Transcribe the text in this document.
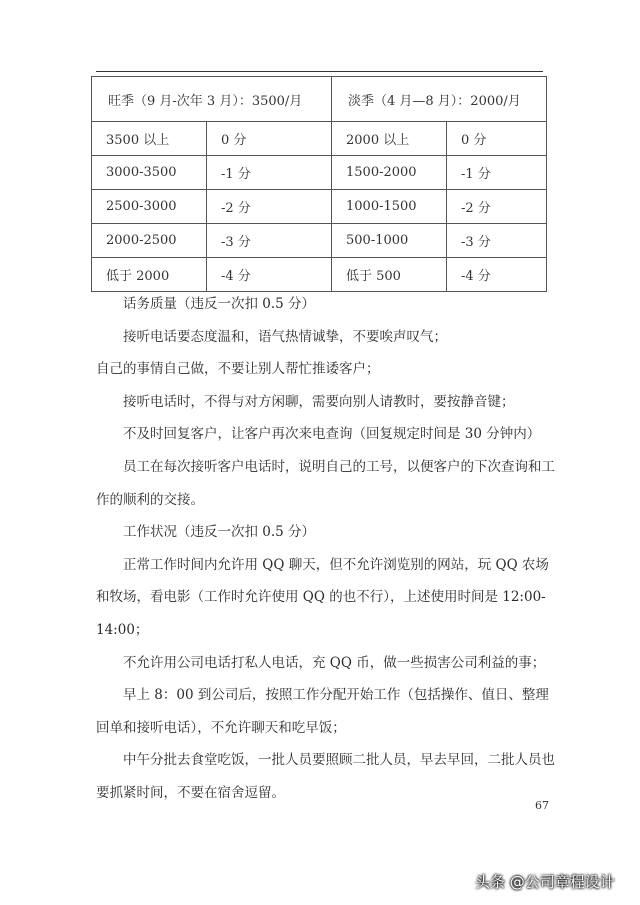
旺季（9 月-次年 3 月）：3500/月		淡季（4 月—8 月）：2000/月	
3500 以上	0 分	2000 以上	0 分
3000-3500	-1 分	1500-2000	-1 分
2500-3000	-2 分	1000-1500	-2 分
2000-2500	-3 分	500-1000	-3 分
低于 2000	-4 分	低于 500	-4 分

话务质量（违反一次扣 0.5 分）

接听电话要态度温和，语气热情诚挚，不要唉声叹气；

自己的事情自己做，不要让别人帮忙推诿客户；

接听电话时，不得与对方闲聊，需要向别人请教时，要按静音键；

不及时回复客户，让客户再次来电查询（回复规定时间是 30 分钟内）

员工在每次接听客户电话时，说明自己的工号，以便客户的下次查询和工作的顺利的交接。

工作状况（违反一次扣 0.5 分）

正常工作时间内允许用 QQ 聊天，但不允许浏览别的网站，玩 QQ 农场和牧场，看电影（工作时允许使用 QQ 的也不行），上述使用时间是 12:00-14:00；

不允许用公司电话打私人电话，充 QQ 币，做一些损害公司利益的事；

早上 8：00 到公司后，按照工作分配开始工作（包括操作、值日、整理回单和接听电话），不允许聊天和吃早饭；

中午分批去食堂吃饭，一批人员要照顾二批人员，早去早回，二批人员也要抓紧时间，不要在宿舍逗留。

67
头条 @公司章程设计
